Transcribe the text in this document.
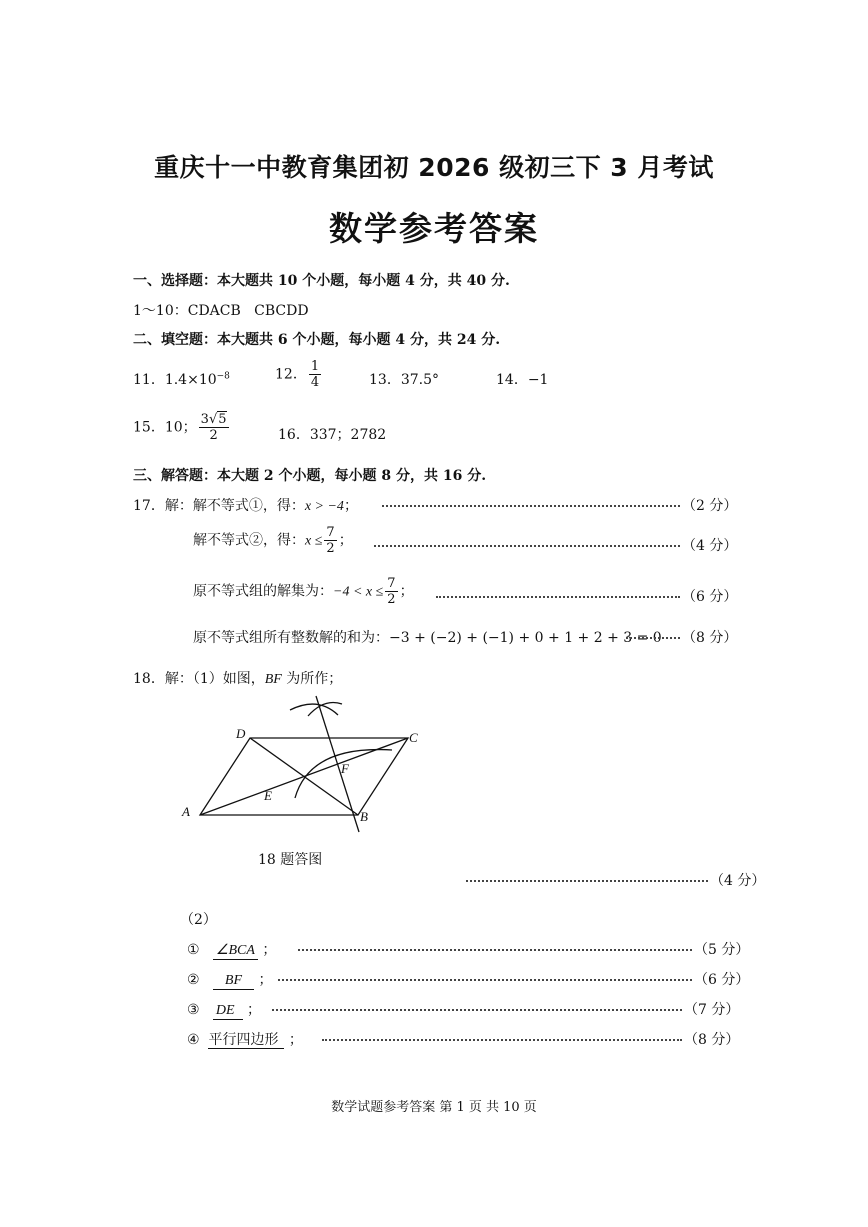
重庆十一中教育集团初 2026 级初三下 3 月考试
数学参考答案
一、选择题：本大题共 10 个小题，每小题 4 分，共 40 分.
1～10：CDACB CBCDD
二、填空题：本大题共 6 个小题，每小题 4 分，共 24 分.
11．$1.4\times 10^{-8}$	12． $\frac{1}{4}$	13．37.5°	14．−1
15．10； $\frac{3√5}{2}$	16．337；2782
三、解答题：本大题 2 个小题，每小题 8 分，共 16 分.
17．解：解不等式①，得：x > −4；	（2 分）
解不等式②，得：$x \le \frac{7}{2}$ ；	（4 分）
原不等式组的解集为：$-4 < x \le \frac{7}{2}$ ；	（6 分）
原不等式组所有整数解的和为：−3 + (−2) + (−1) + 0 + 1 + 2 + 3 = 0 （8 分）
18．解：（1）如图，BF 为所作；
A	B
C
D
E
F
18 题答图
（4 分）
（2）
① ∠BCA ；	（5 分）
② BF ；	（6 分）
③ DE ；	（7 分）
④ 平行四边形 ；	（8 分）
数学试题参考答案 第 1 页 共 10 页
